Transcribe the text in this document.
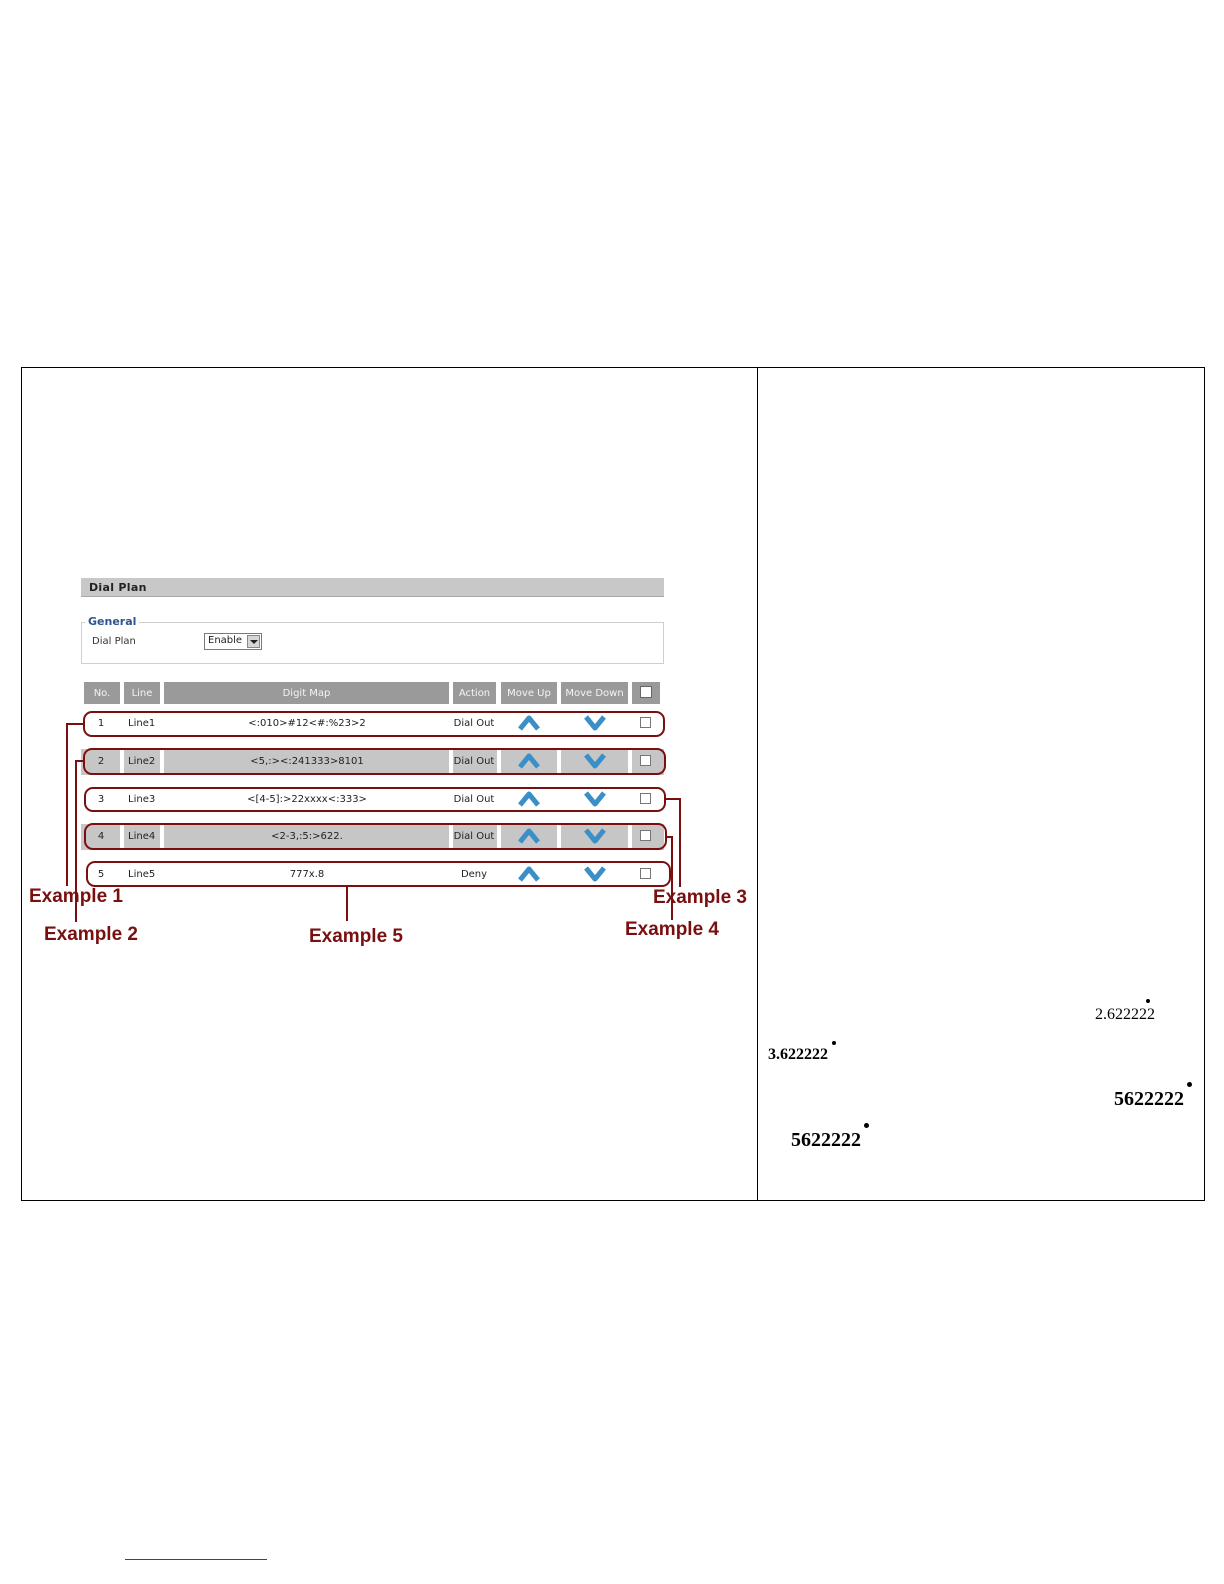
Dial Plan
General
Dial Plan	Enable
No.	Line	Digit Map	Action	Move Up	Move Down
1	Line1	<:010>#12<#:%23>2	Dial Out
2	Line2	<5,:><:241333>8101	Dial Out
3	Line3	<[4-5]:>22xxxx<:333>	Dial Out
4	Line4	<2-3,:5:>622.	Dial Out
5	Line5	777x.8	Deny
Example 1
Example 2
Example 3
Example 4
Example 5
2.622222
3.622222
5622222
5622222
